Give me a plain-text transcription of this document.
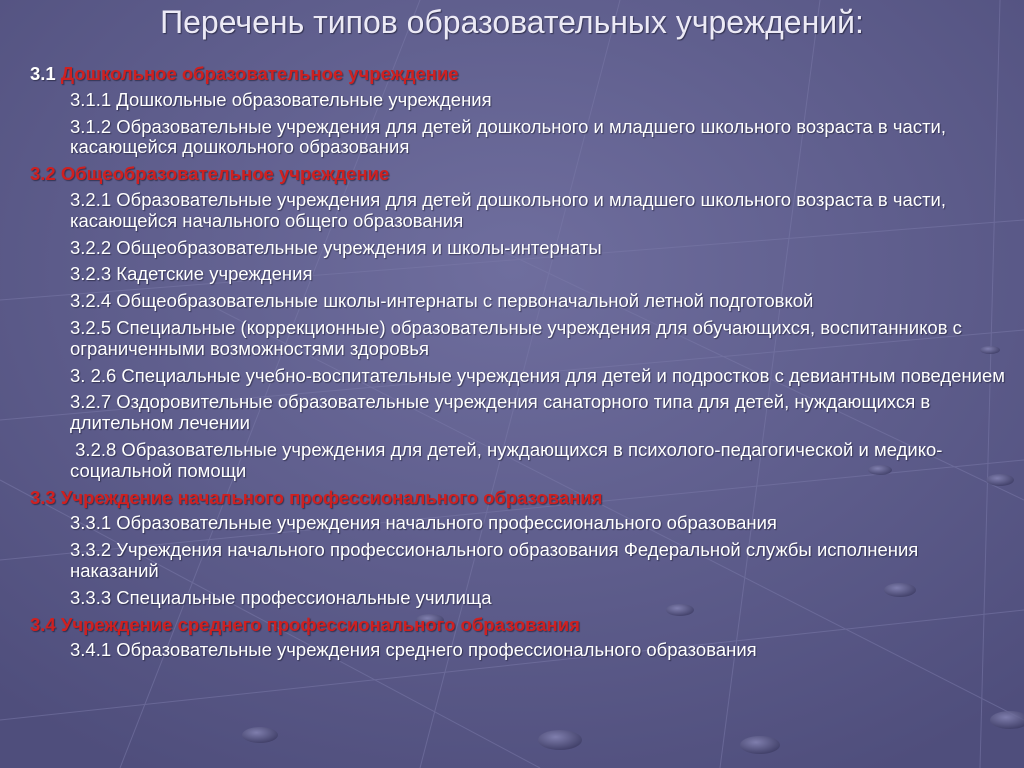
Перечень типов образовательных учреждений:
3.1 Дошкольное образовательное учреждение
3.1.1 Дошкольные образовательные учреждения
3.1.2 Образовательные учреждения для детей дошкольного и младшего школьного возраста в части, касающейся дошкольного образования
3.2 Общеобразовательное учреждение
3.2.1 Образовательные учреждения для детей дошкольного и младшего школьного возраста в части, касающейся начального общего образования
3.2.2 Общеобразовательные учреждения и школы-интернаты
3.2.3 Кадетские учреждения
3.2.4 Общеобразовательные школы-интернаты с первоначальной летной подготовкой
3.2.5 Специальные (коррекционные) образовательные учреждения для обучающихся, воспитанников с ограниченными возможностями здоровья
3. 2.6 Специальные учебно-воспитательные учреждения для детей и подростков с девиантным поведением
3.2.7 Оздоровительные образовательные учреждения санаторного типа для детей, нуждающихся в длительном лечении
3.2.8 Образовательные учреждения для детей, нуждающихся в психолого-педагогической и медико-социальной помощи
3.3 Учреждение начального профессионального образования
3.3.1 Образовательные учреждения начального профессионального образования
3.3.2 Учреждения начального профессионального образования Федеральной службы исполнения наказаний
3.3.3 Специальные профессиональные училища
3.4 Учреждение среднего профессионального образования
3.4.1 Образовательные учреждения среднего профессионального образования
